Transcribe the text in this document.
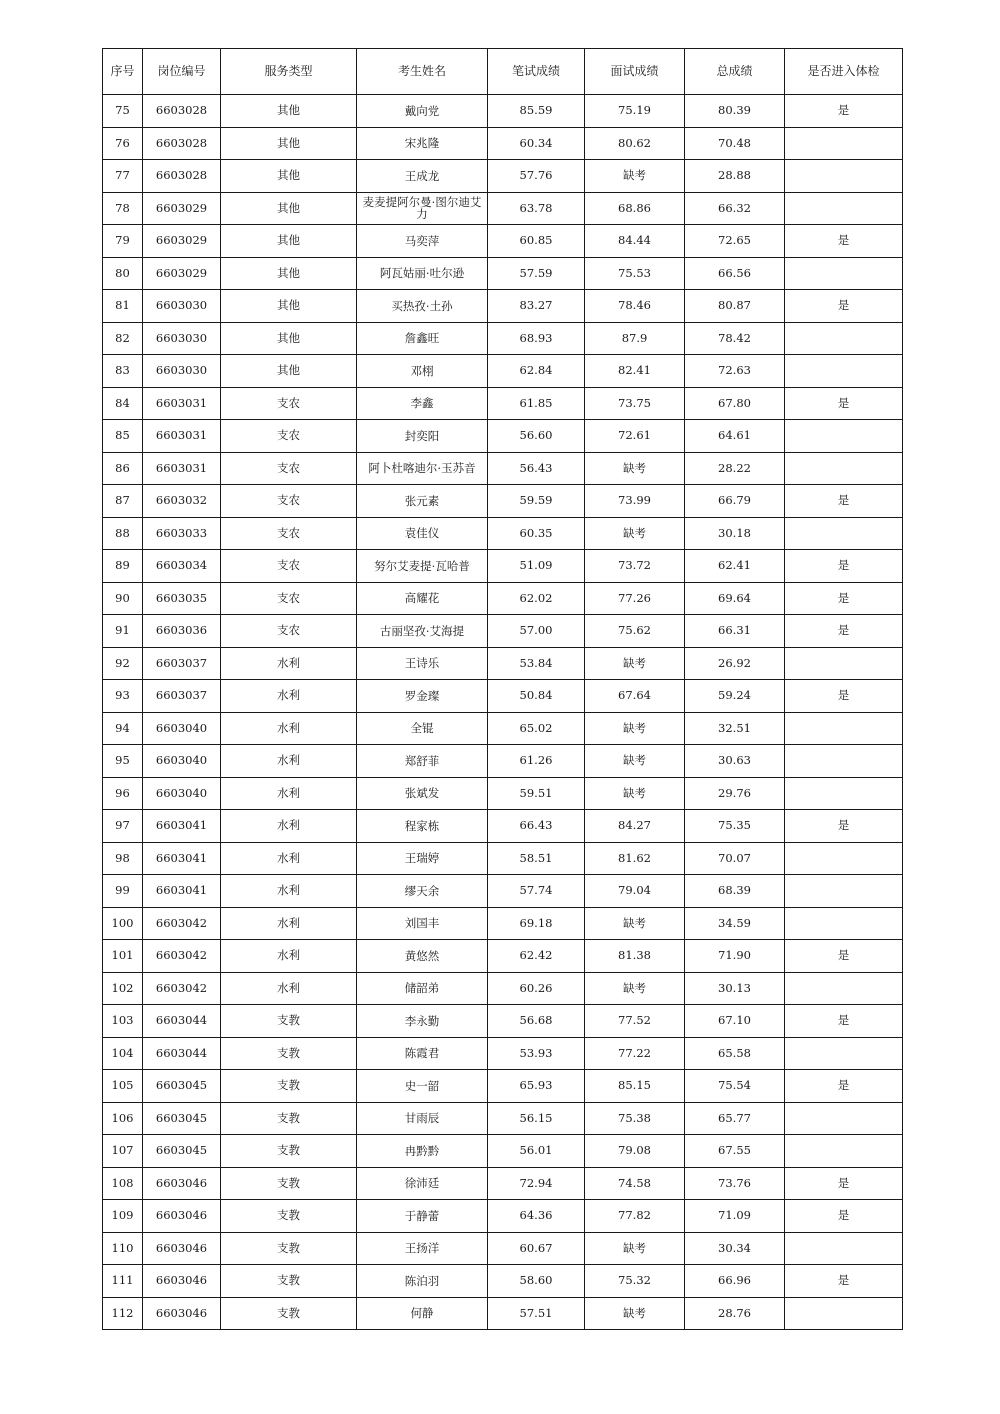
序号	岗位编号	服务类型	考生姓名	笔试成绩	面试成绩	总成绩	是否进入体检
75	6603028	其他	戴向党	85.59	75.19	80.39	是
76	6603028	其他	宋兆隆	60.34	80.62	70.48	
77	6603028	其他	王成龙	57.76	缺考	28.88	
78	6603029	其他	麦麦提阿尔曼·图尔迪艾力	63.78	68.86	66.32	
79	6603029	其他	马奕萍	60.85	84.44	72.65	是
80	6603029	其他	阿瓦姑丽·吐尔逊	57.59	75.53	66.56	
81	6603030	其他	买热孜·土孙	83.27	78.46	80.87	是
82	6603030	其他	詹鑫旺	68.93	87.9	78.42	
83	6603030	其他	邓栩	62.84	82.41	72.63	
84	6603031	支农	李鑫	61.85	73.75	67.80	是
85	6603031	支农	封奕阳	56.60	72.61	64.61	
86	6603031	支农	阿卜杜喀迪尔·玉苏音	56.43	缺考	28.22	
87	6603032	支农	张元素	59.59	73.99	66.79	是
88	6603033	支农	袁佳仪	60.35	缺考	30.18	
89	6603034	支农	努尔艾麦提·瓦哈普	51.09	73.72	62.41	是
90	6603035	支农	高耀花	62.02	77.26	69.64	是
91	6603036	支农	古丽坚孜·艾海提	57.00	75.62	66.31	是
92	6603037	水利	王诗乐	53.84	缺考	26.92	
93	6603037	水利	罗金璨	50.84	67.64	59.24	是
94	6603040	水利	全锟	65.02	缺考	32.51	
95	6603040	水利	郑舒菲	61.26	缺考	30.63	
96	6603040	水利	张斌发	59.51	缺考	29.76	
97	6603041	水利	程家栋	66.43	84.27	75.35	是
98	6603041	水利	王瑞婷	58.51	81.62	70.07	
99	6603041	水利	缪天余	57.74	79.04	68.39	
100	6603042	水利	刘国丰	69.18	缺考	34.59	
101	6603042	水利	黄悠然	62.42	81.38	71.90	是
102	6603042	水利	储韶弟	60.26	缺考	30.13	
103	6603044	支教	李永勤	56.68	77.52	67.10	是
104	6603044	支教	陈霞君	53.93	77.22	65.58	
105	6603045	支教	史一韶	65.93	85.15	75.54	是
106	6603045	支教	甘雨辰	56.15	75.38	65.77	
107	6603045	支教	冉黔黔	56.01	79.08	67.55	
108	6603046	支教	徐沛廷	72.94	74.58	73.76	是
109	6603046	支教	于静蕾	64.36	77.82	71.09	是
110	6603046	支教	王扬洋	60.67	缺考	30.34	
111	6603046	支教	陈泊羽	58.60	75.32	66.96	是
112	6603046	支教	何静	57.51	缺考	28.76	
